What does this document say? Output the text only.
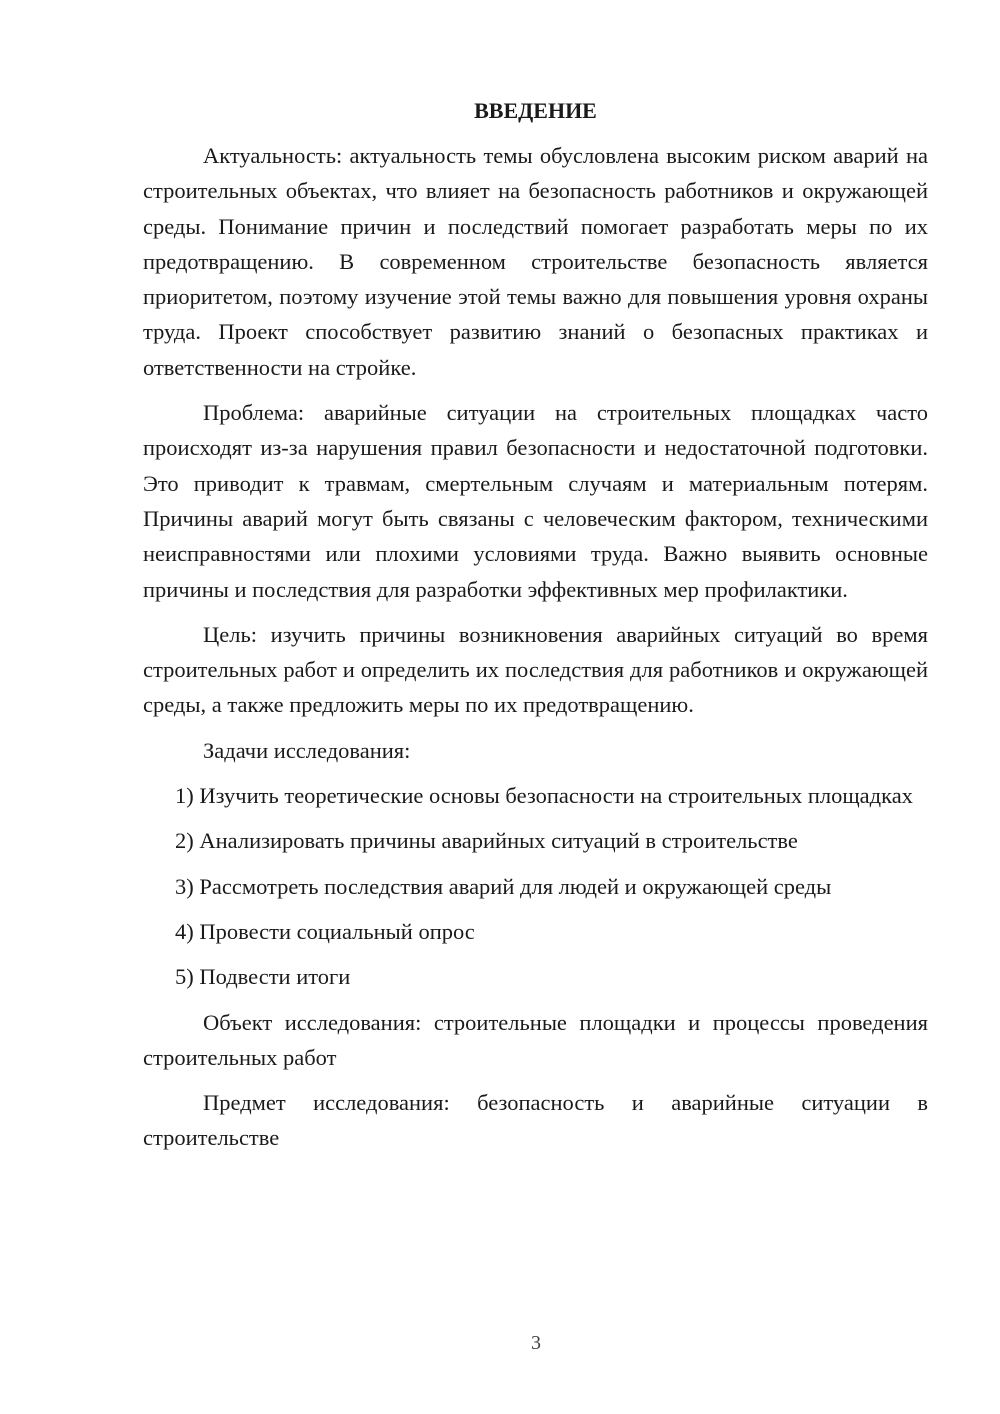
ВВЕДЕНИЕ

Актуальность: актуальность темы обусловлена высоким риском аварий на строительных объектах, что влияет на безопасность работников и окружающей среды. Понимание причин и последствий помогает разработать меры по их предотвращению. В современном строительстве безопасность является приоритетом, поэтому изучение этой темы важно для повышения уровня охраны труда. Проект способствует развитию знаний о безопасных практиках и ответственности на стройке.

Проблема: аварийные ситуации на строительных площадках часто происходят из-за нарушения правил безопасности и недостаточной подготовки. Это приводит к травмам, смертельным случаям и материальным потерям. Причины аварий могут быть связаны с человеческим фактором, техническими неисправностями или плохими условиями труда. Важно выявить основные причины и последствия для разработки эффективных мер профилактики.

Цель: изучить причины возникновения аварийных ситуаций во время строительных работ и определить их последствия для работников и окружающей среды, а также предложить меры по их предотвращению.

Задачи исследования:

1) Изучить теоретические основы безопасности на строительных площадках

2) Анализировать причины аварийных ситуаций в строительстве

3) Рассмотреть последствия аварий для людей и окружающей среды

4) Провести социальный опрос

5) Подвести итоги

Объект исследования: строительные площадки и процессы проведения строительных работ

Предмет исследования: безопасность и аварийные ситуации в строительстве

3
